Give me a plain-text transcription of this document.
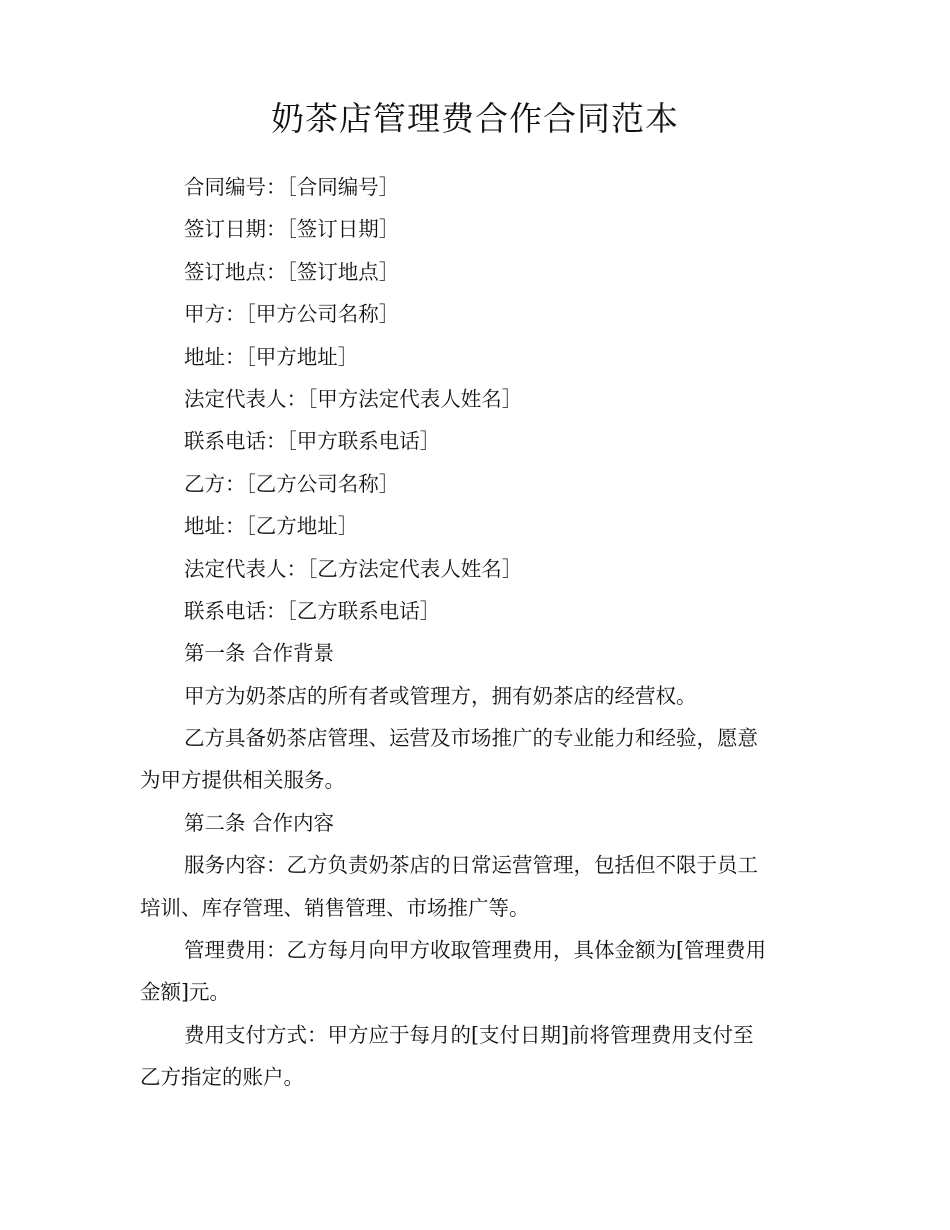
奶茶店管理费合作合同范本
合同编号：［合同编号］
签订日期：［签订日期］
签订地点：［签订地点］
甲方：［甲方公司名称］
地址：［甲方地址］
法定代表人：［甲方法定代表人姓名］
联系电话：［甲方联系电话］
乙方：［乙方公司名称］
地址：［乙方地址］
法定代表人：［乙方法定代表人姓名］
联系电话：［乙方联系电话］
第一条 合作背景
甲方为奶茶店的所有者或管理方，拥有奶茶店的经营权。
乙方具备奶茶店管理、运营及市场推广的专业能力和经验，愿意
为甲方提供相关服务。
第二条 合作内容
服务内容：乙方负责奶茶店的日常运营管理，包括但不限于员工
培训、库存管理、销售管理、市场推广等。
管理费用：乙方每月向甲方收取管理费用，具体金额为[管理费用
金额]元。
费用支付方式：甲方应于每月的[支付日期]前将管理费用支付至
乙方指定的账户。
